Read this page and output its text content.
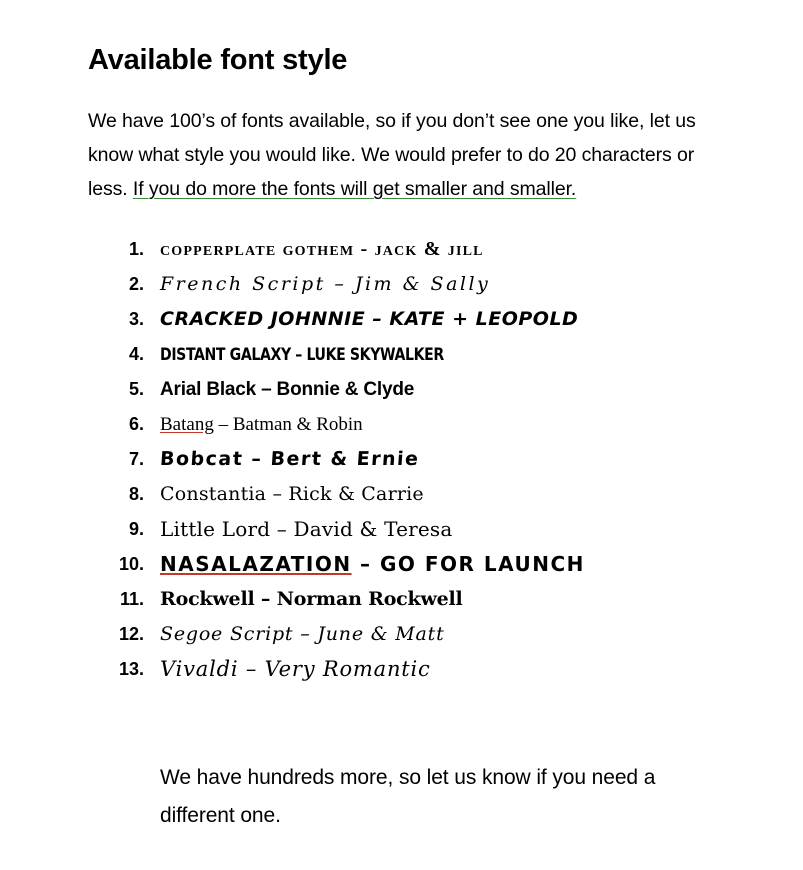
Available font style

We have 100’s of fonts available, so if you don’t see one you like, let us know what style you would like. We would prefer to do 20 characters or less. If you do more the fonts will get smaller and smaller.

1. copperplate gothem - jack & jill
2. French Script – Jim & Sally
3. CRACKED JOHNNIE – KATE + LEOPOLD
4. DISTANT GALAXY – LUKE SKYWALKER
5. Arial Black – Bonnie & Clyde
6. Batang – Batman & Robin
7. Bobcat – Bert & Ernie
8. Constantia – Rick & Carrie
9. Little Lord – David & Teresa
10. NASALAZATION – GO FOR LAUNCH
11. Rockwell – Norman Rockwell
12. Segoe Script – June & Matt
13. Vivaldi – Very Romantic

We have hundreds more, so let us know if you need a different one.
